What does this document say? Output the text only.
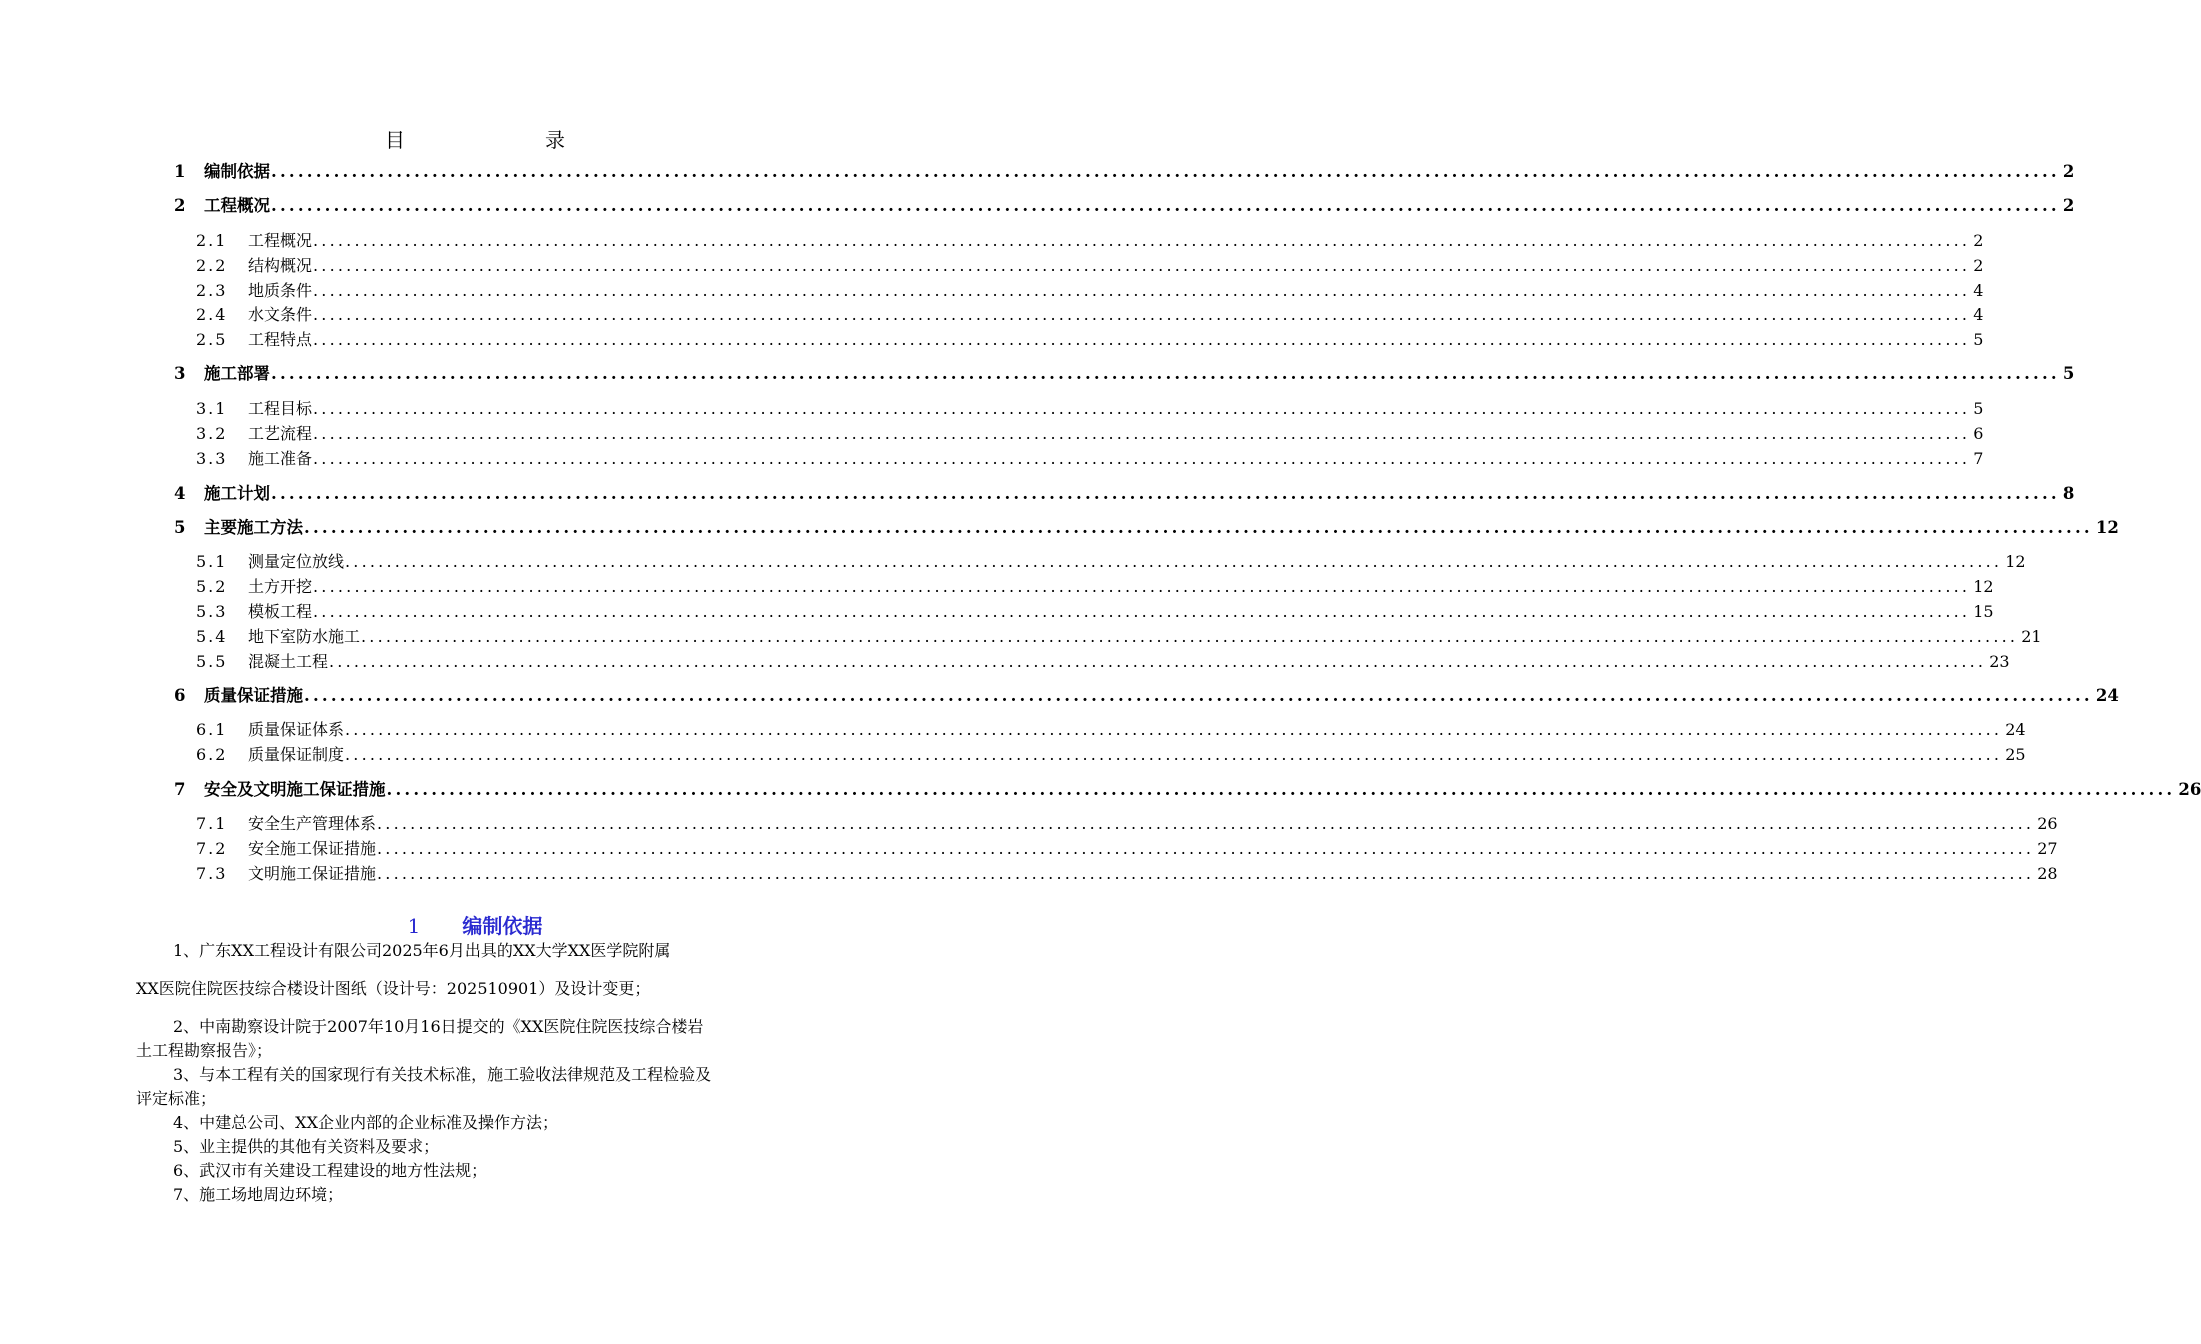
目　录
1	编制依据 ........................................................................................................................................................................................................ 2
2	工程概况 ........................................................................................................................................................................................................ 2
2.1	工程概况 ........................................................................................................................................................................................................ 2
2.2	结构概况 ........................................................................................................................................................................................................ 2
2.3	地质条件 ........................................................................................................................................................................................................ 4
2.4	水文条件 ........................................................................................................................................................................................................ 4
2.5	工程特点 ........................................................................................................................................................................................................ 5
3	施工部署 ........................................................................................................................................................................................................ 5
3.1	工程目标 ........................................................................................................................................................................................................ 5
3.2	工艺流程 ........................................................................................................................................................................................................ 6
3.3	施工准备 ........................................................................................................................................................................................................ 7
4	施工计划 ........................................................................................................................................................................................................ 8
5	主要施工方法 ........................................................................................................................................................................................................ 12
5.1	测量定位放线 ........................................................................................................................................................................................................ 12
5.2	土方开挖 ........................................................................................................................................................................................................ 12
5.3	模板工程 ........................................................................................................................................................................................................ 15
5.4	地下室防水施工 ........................................................................................................................................................................................................ 21
5.5	混凝土工程 ........................................................................................................................................................................................................ 23
6	质量保证措施 ........................................................................................................................................................................................................ 24
6.1	质量保证体系 ........................................................................................................................................................................................................ 24
6.2	质量保证制度 ........................................................................................................................................................................................................ 25
7	安全及文明施工保证措施 ........................................................................................................................................................................................................ 26
7.1	安全生产管理体系 ........................................................................................................................................................................................................ 26
7.2	安全施工保证措施 ........................................................................................................................................................................................................ 27
7.3	文明施工保证措施 ........................................................................................................................................................................................................ 28
1 编制依据
1、广东XX工程设计有限公司2025年6月出具的XX大学XX医学院附属
XX医院住院医技综合楼设计图纸（设计号：202510901）及设计变更；
2、中南勘察设计院于2007年10月16日提交的《XX医院住院医技综合楼岩
土工程勘察报告》；
3、与本工程有关的国家现行有关技术标准，施工验收法律规范及工程检验及
评定标准；
4、中建总公司、XX企业内部的企业标准及操作方法；
5、业主提供的其他有关资料及要求；
6、武汉市有关建设工程建设的地方性法规；
7、施工场地周边环境；
